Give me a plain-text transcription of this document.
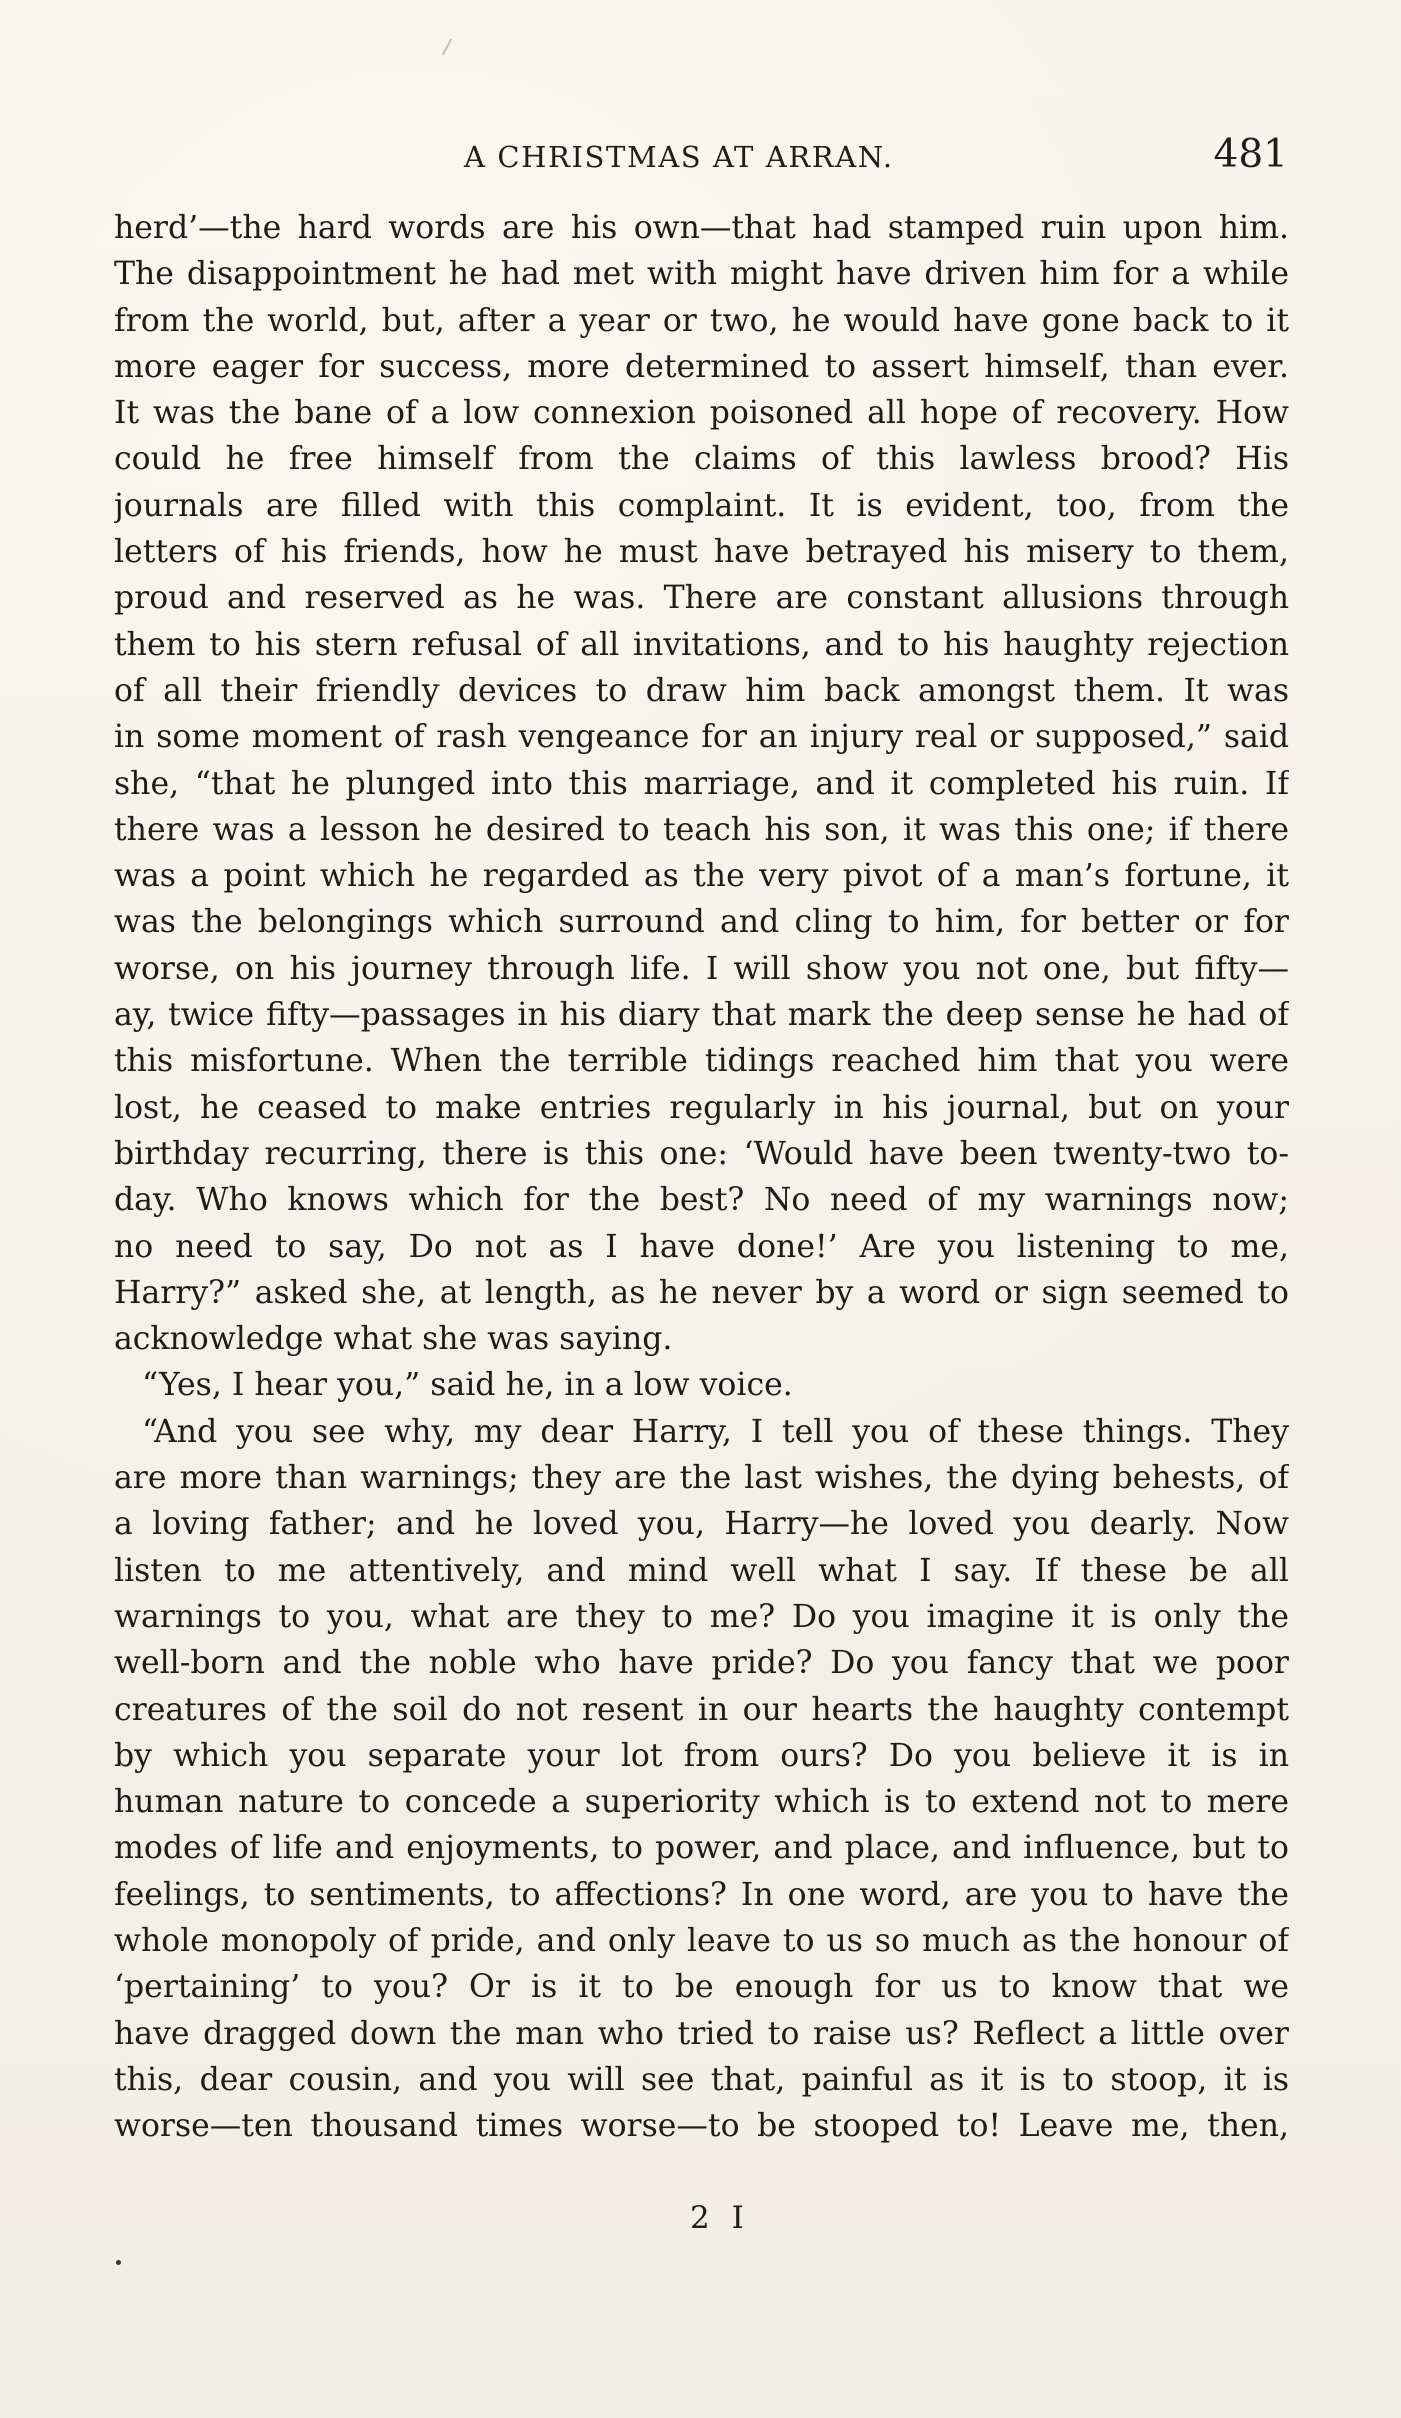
A CHRISTMAS AT ARRAN.	481
herd’—the hard words are his own—that had stamped ruin upon him.
The disappointment he had met with might have driven him for a while
from the world, but, after a year or two, he would have gone back to it
more eager for success, more determined to assert himself, than ever.
It was the bane of a low connexion poisoned all hope of recovery. How
could he free himself from the claims of this lawless brood? His
journals are filled with this complaint. It is evident, too, from the
letters of his friends, how he must have betrayed his misery to them,
proud and reserved as he was. There are constant allusions through
them to his stern refusal of all invitations, and to his haughty rejection
of all their friendly devices to draw him back amongst them. It was
in some moment of rash vengeance for an injury real or supposed,” said
she, “that he plunged into this marriage, and it completed his ruin. If
there was a lesson he desired to teach his son, it was this one; if there
was a point which he regarded as the very pivot of a man’s fortune, it
was the belongings which surround and cling to him, for better or for
worse, on his journey through life. I will show you not one, but fifty—
ay, twice fifty—passages in his diary that mark the deep sense he had of
this misfortune. When the terrible tidings reached him that you were
lost, he ceased to make entries regularly in his journal, but on your
birthday recurring, there is this one: ‘Would have been twenty-two to-
day. Who knows which for the best? No need of my warnings now;
no need to say, Do not as I have done!’ Are you listening to me,
Harry?” asked she, at length, as he never by a word or sign seemed to
acknowledge what she was saying.
“Yes, I hear you,” said he, in a low voice.
“And you see why, my dear Harry, I tell you of these things. They
are more than warnings; they are the last wishes, the dying behests, of
a loving father; and he loved you, Harry—he loved you dearly. Now
listen to me attentively, and mind well what I say. If these be all
warnings to you, what are they to me? Do you imagine it is only the
well-born and the noble who have pride? Do you fancy that we poor
creatures of the soil do not resent in our hearts the haughty contempt
by which you separate your lot from ours? Do you believe it is in
human nature to concede a superiority which is to extend not to mere
modes of life and enjoyments, to power, and place, and influence, but to
feelings, to sentiments, to affections? In one word, are you to have the
whole monopoly of pride, and only leave to us so much as the honour of
‘pertaining’ to you? Or is it to be enough for us to know that we
have dragged down the man who tried to raise us? Reflect a little over
this, dear cousin, and you will see that, painful as it is to stoop, it is
worse—ten thousand times worse—to be stooped to! Leave me, then,
2 I
